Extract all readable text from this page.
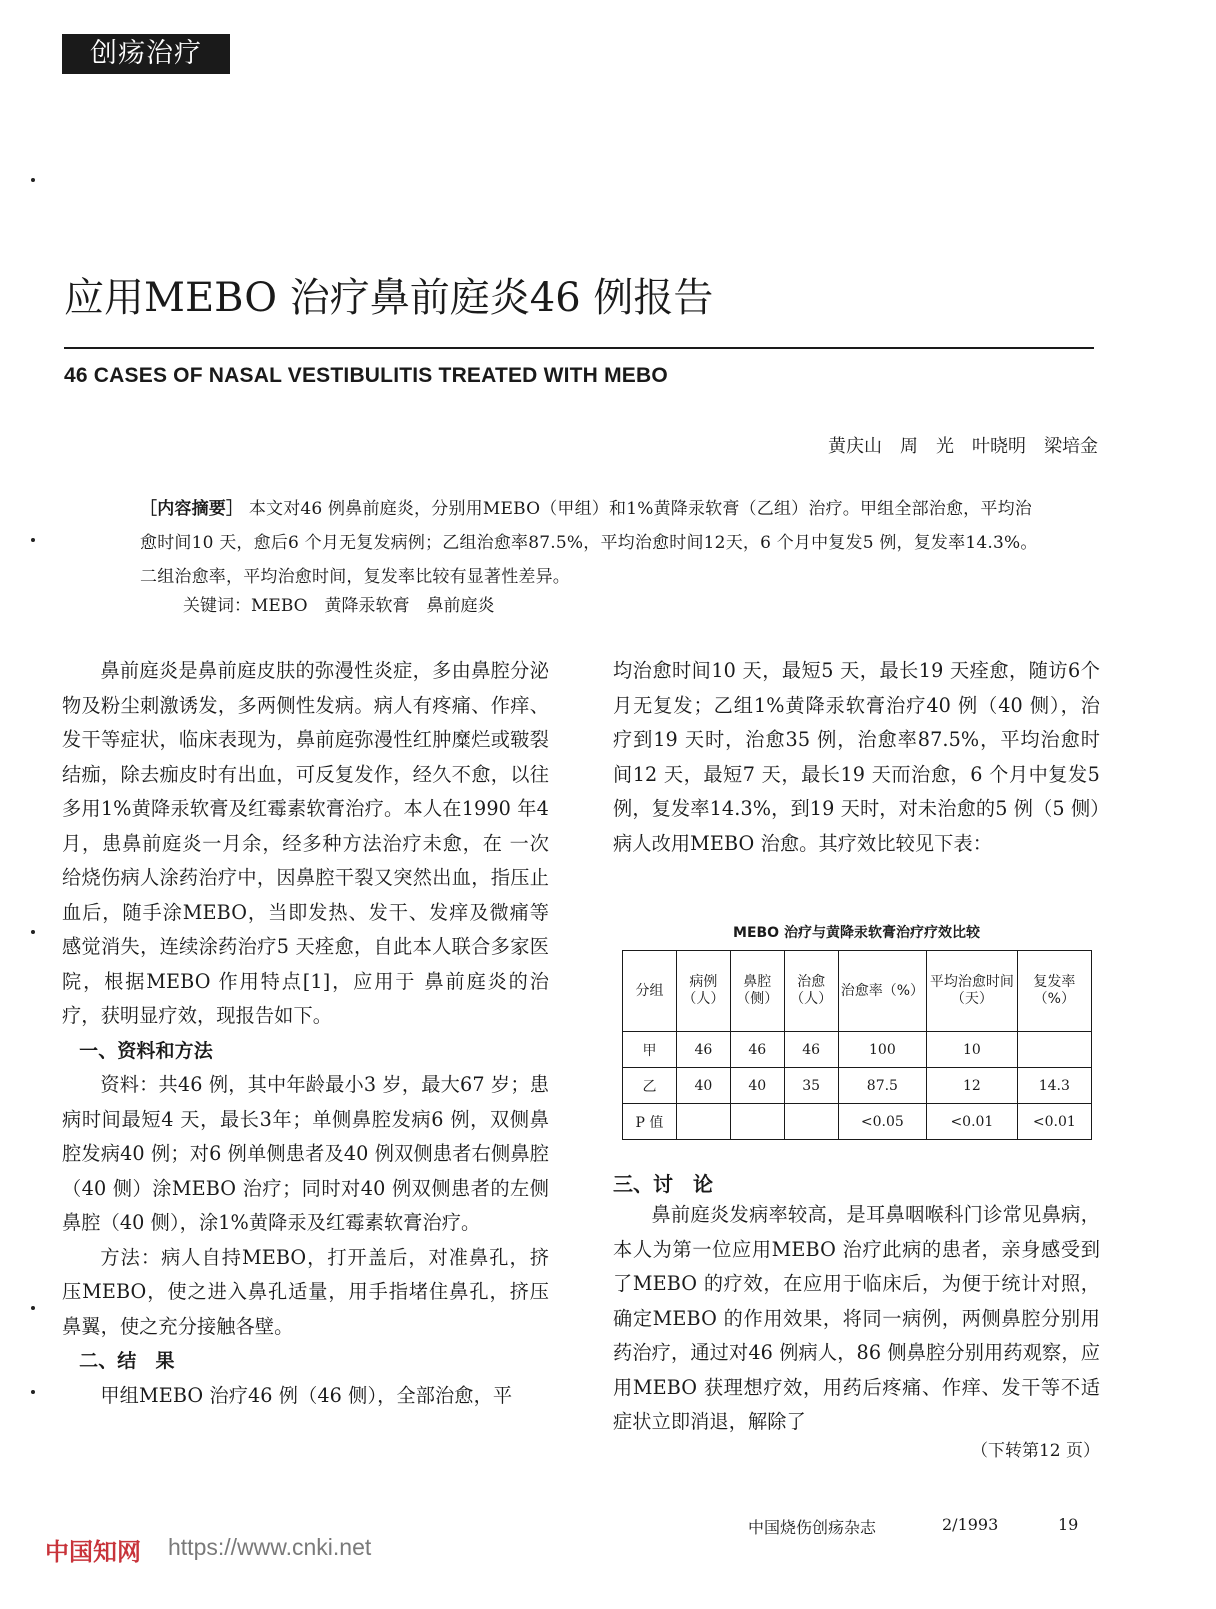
创疡治疗
应用MEBO 治疗鼻前庭炎46 例报告
46 CASES OF NASAL VESTIBULITIS TREATED WITH MEBO
黄庆山　周　光　叶晓明　梁培金
［内容摘要］ 本文对46 例鼻前庭炎，分别用MEBO（甲组）和1%黄降汞软膏（乙组）治疗。甲组全部治愈，平均治愈时间10 天，愈后6 个月无复发病例；乙组治愈率87.5%，平均治愈时间12天，6 个月中复发5 例，复发率14.3%。二组治愈率，平均治愈时间，复发率比较有显著性差异。
关键词：MEBO　黄降汞软膏　鼻前庭炎

鼻前庭炎是鼻前庭皮肤的弥漫性炎症，多由鼻腔分泌物及粉尘刺激诱发，多两侧性发病。病人有疼痛、作痒、发干等症状，临床表现为，鼻前庭弥漫性红肿糜烂或皲裂结痂，除去痂皮时有出血，可反复发作，经久不愈，以往多用1%黄降汞软膏及红霉素软膏治疗。本人在1990 年4 月，患鼻前庭炎一月余，经多种方法治疗未愈，在 一次给烧伤病人涂药治疗中，因鼻腔干裂又突然出血，指压止血后，随手涂MEBO，当即发热、发干、发痒及微痛等感觉消失，连续涂药治疗5 天痊愈，自此本人联合多家医院，根据MEBO 作用特点[1]，应用于 鼻前庭炎的治疗，获明显疗效，现报告如下。

一、资料和方法

资料：共46 例，其中年龄最小3 岁，最大67 岁；患病时间最短4 天，最长3年；单侧鼻腔发病6 例，双侧鼻腔发病40 例；对6 例单侧患者及40 例双侧患者右侧鼻腔（40 侧）涂MEBO 治疗；同时对40 例双侧患者的左侧鼻腔（40 侧），涂1%黄降汞及红霉素软膏治疗。

方法：病人自持MEBO，打开盖后，对准鼻孔，挤压MEBO，使之进入鼻孔适量，用手指堵住鼻孔，挤压鼻翼，使之充分接触各壁。

二、结　果

甲组MEBO 治疗46 例（46 侧），全部治愈，平

均治愈时间10 天，最短5 天，最长19 天痊愈，随访6个月无复发；乙组1%黄降汞软膏治疗40 例（40 侧），治疗到19 天时，治愈35 例，治愈率87.5%，平均治愈时间12 天，最短7 天，最长19 天而治愈，6 个月中复发5 例，复发率14.3%，到19 天时，对未治愈的5 例（5 侧）病人改用MEBO 治愈。其疗效比较见下表：

MEBO 治疗与黄降汞软膏治疗疗效比较
分组	病例（人）	鼻腔（侧）	治愈（人）	治愈率（%）	平均治愈时间（天）	复发率（%）
甲	46	46	46	100	10	
乙	40	40	35	87.5	12	14.3
P 值				<0.05	<0.01	<0.01
三、讨　论

鼻前庭炎发病率较高，是耳鼻咽喉科门诊常见鼻病，本人为第一位应用MEBO 治疗此病的患者，亲身感受到了MEBO 的疗效，在应用于临床后，为便于统计对照，确定MEBO 的作用效果，将同一病例，两侧鼻腔分别用药治疗，通过对46 例病人，86 侧鼻腔分别用药观察，应用MEBO 获理想疗效，用药后疼痛、作痒、发干等不适症状立即消退，解除了

（下转第12 页）
中国烧伤创疡杂志	2/1993	19
中国知网 https://www.cnki.net
